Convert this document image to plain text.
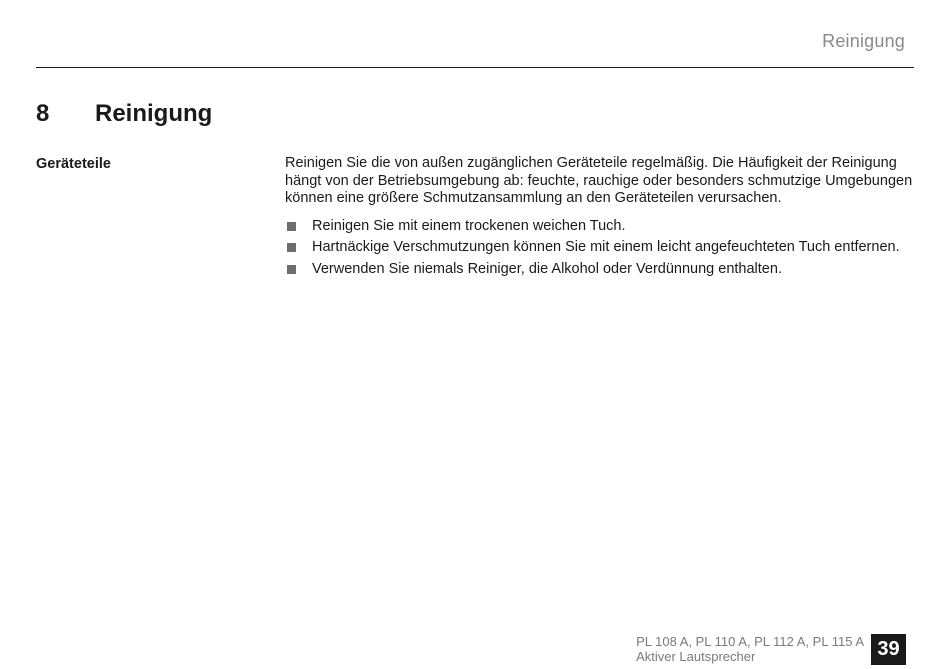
Reinigung
8	Reinigung
Geräteteile	Reinigen Sie die von außen zugänglichen Geräteteile regelmäßig. Die Häufigkeit der Reinigung hängt von der Betriebsumgebung ab: feuchte, rauchige oder besonders schmutzige Umgebungen können eine größere Schmutzansammlung an den Geräteteilen verursachen.

Reinigen Sie mit einem trockenen weichen Tuch.
Hartnäckige Verschmutzungen können Sie mit einem leicht angefeuchteten Tuch entfernen.
Verwenden Sie niemals Reiniger, die Alkohol oder Verdünnung enthalten.
PL 108 A, PL 110 A, PL 112 A, PL 115 A
Aktiver Lautsprecher	39
